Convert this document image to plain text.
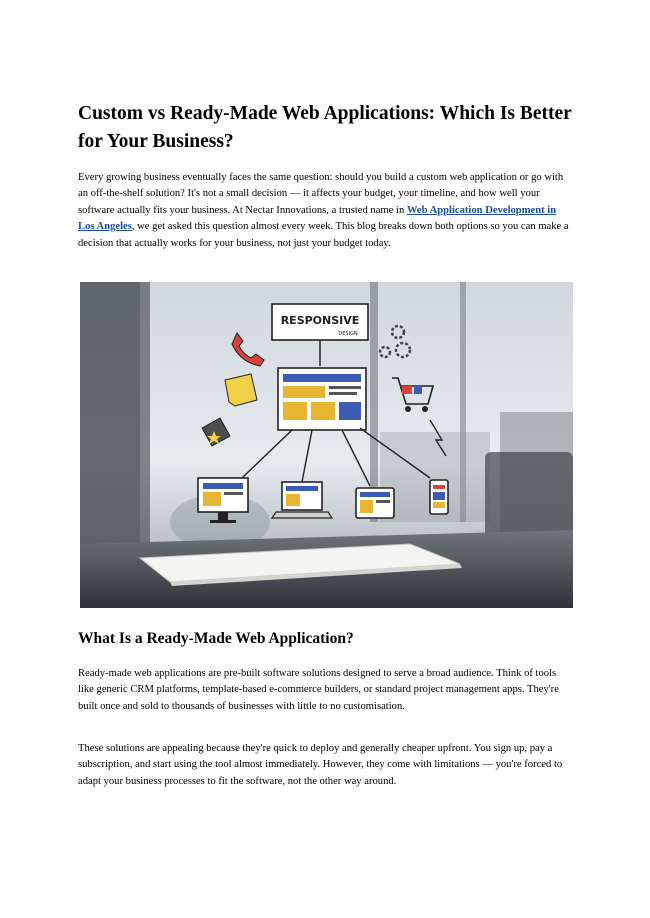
Custom vs Ready-Made Web Applications: Which Is Better for Your Business?

Every growing business eventually faces the same question: should you build a custom web application or go with an off-the-shelf solution? It's not a small decision — it affects your budget, your timeline, and how well your software actually fits your business. At Nectar Innovations, a trusted name in Web Application Development in Los Angeles, we get asked this question almost every week. This blog breaks down both options so you can make a decision that actually works for your business, not just your budget today.

RESPONSIVE
DESIGN
What Is a Ready-Made Web Application?

Ready-made web applications are pre-built software solutions designed to serve a broad audience. Think of tools like generic CRM platforms, template-based e-commerce builders, or standard project management apps. They're built once and sold to thousands of businesses with little to no customisation.

These solutions are appealing because they're quick to deploy and generally cheaper upfront. You sign up, pay a subscription, and start using the tool almost immediately. However, they come with limitations — you're forced to adapt your business processes to fit the software, not the other way around.
